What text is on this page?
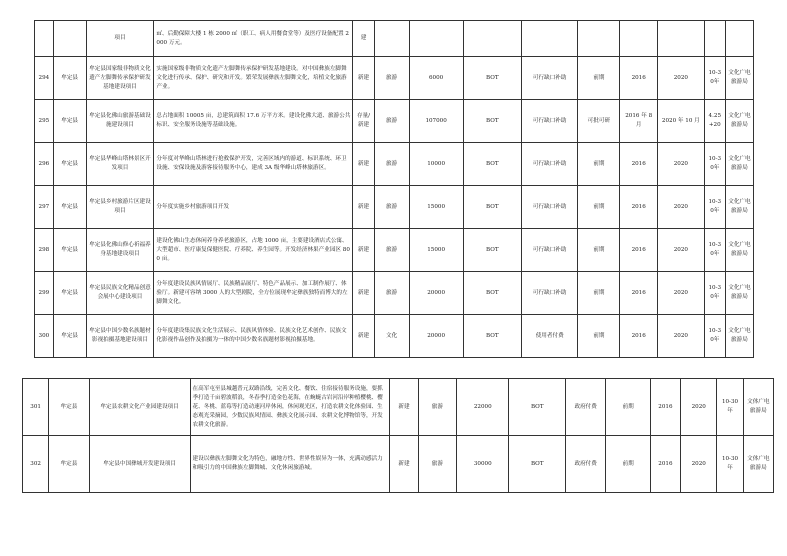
		项目	㎡、后勤保障大楼 1 栋 2000 ㎡（职工、病人用餐食堂等）及医疗设备配置 2000 万元。	建									
294	牟定县	牟定县国家级非物质文化遗产左脚舞传承保护研发基地建设项目	实施国家级非物质文化遗产左脚舞传承保护研发基地建设。对中国彝族左脚舞文化进行传承、保护、研究和开发。繁荣发展彝族左脚舞文化，培植文化旅游产业。	新建	旅游	6000	BOT	可行缺口补助	前期	2016	2020	10-30年	文化广电旅游局
295	牟定县	牟定县化佛山旅游基础设施建设项目	总占地面积 10005 亩，总建筑面积 17.6 万平方米。建设化佛大道、旅游公共标识、安全服务设施等基础设施。	存量/新建	旅游	107000	BOT	可行缺口补助	可批可研	2016 年 8 月	2020 年 10 月	4.25+20	文化广电旅游局
296	牟定县	牟定县华峰山塔林景区开发项目	分年度对华峰山塔林进行抢救保护开发，完善区域内的游道、标识系统、环卫设施、安保设施及游客接待服务中心，建成 3A 级华峰山塔林旅游区。	新建	旅游	10000	BOT	可行缺口补助	前期	2016	2020	10-30年	文化广电旅游局
297	牟定县	牟定县乡村旅游片区建设项目	分年度实施乡村旅游项目开发	新建	旅游	15000	BOT	可行缺口补助	前期	2016	2020	10-30年	文化广电旅游局
298	牟定县	牟定县化佛山修心祈福养身基地建设项目	建设化佛山生态休闲养身养老旅游区，占地 1000 亩，主要建设酒店式公寓、大型超市、医疗康复保健医院、疗养院、养生园等。开发经济林果产业园区 800 亩。	新建	旅游	15000	BOT	可行缺口补助	前期	2016	2020	10-30年	文化广电旅游局
299	牟定县	牟定县民族文化精品创意会展中心建设项目	分年度建设民族风情展厅、民族精品展厅、特色产品展示、加工制作展厅、体验厅。新建可容纳 3000 人的大型剧院，全方位展现牟定彝族独特而博大的左脚舞文化。	新建	旅游	20000	BOT	可行缺口补助	前期	2016	2020	10-30年	文化广电旅游局
300	牟定县	牟定县中国少数名族题材影视拍摄基地建设项目	分年度建设集民族文化生活展示、民族风情体验、民族文化艺术创作、民族文化影视作品创作及拍摄为一体的中国少数名族题材影视拍摄基地。	新建	文化	20000	BOT	使用者付费	前期	2016	2020	10-30年	文化广电旅游局
301	牟定县	牟定县农耕文化产业园建设项目	在高军屯至县城越普元双路沿线，完善文化、餐饮、住宿接待服务设施，要抓季打造千亩碧波稻浪，冬春季打造金色花海，在蜿蜒古岩河沿岸种植樱桃、樱花、冬桃、蓝莓等打造动速河岸休闲，休闲观光区，打造农耕文化体验园、生态观光采摘园，少数民族风情园、彝族文化展示园、农耕文化博物馆等，开发农耕文化旅游。	新建	旅游	22000	BOT	政府付费	前期	2016	2020	10-30年	文体广电旅游局
302	牟定县	牟定县中国彝城开发建设项目	建设以彝族左脚舞文化为特色，融地方性、世界性娱异为一体，充满动感活力和吸引力的中国彝族左脚舞城、文化休闲旅游城。	新建	旅游	30000	BOT	政府付费	前期	2016	2020	10-30年	文体广电旅游局
